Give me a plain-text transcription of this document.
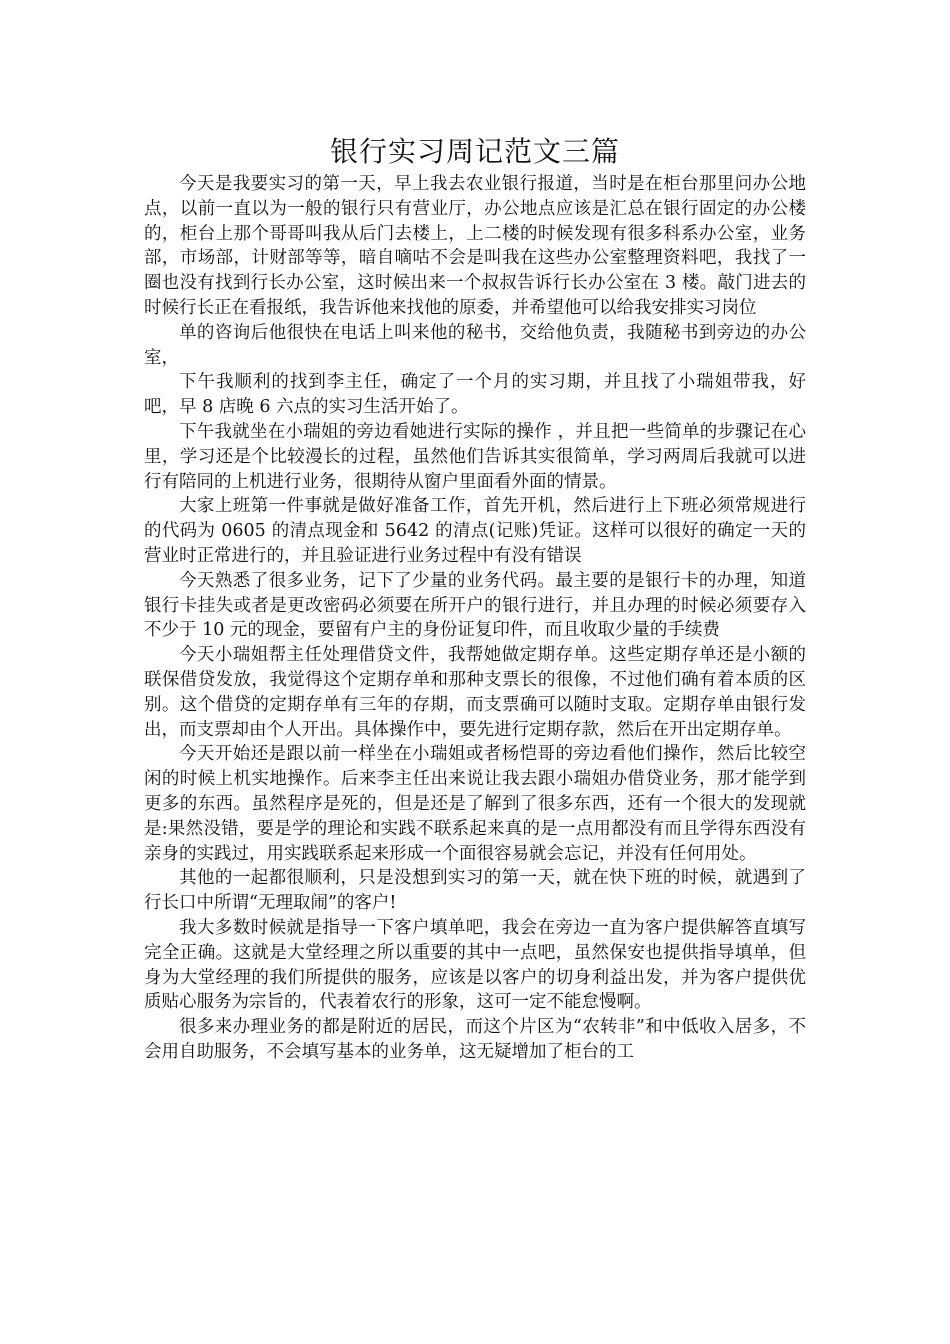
银行实习周记范文三篇

今天是我要实习的第一天，早上我去农业银行报道，当时是在柜台那里问办公地点，以前一直以为一般的银行只有营业厅，办公地点应该是汇总在银行固定的办公楼的，柜台上那个哥哥叫我从后门去楼上，上二楼的时候发现有很多科系办公室，业务部，市场部，计财部等等，暗自嘀咕不会是叫我在这些办公室整理资料吧，我找了一圈也没有找到行长办公室，这时候出来一个叔叔告诉行长办公室在 3 楼。敲门进去的时候行长正在看报纸，我告诉他来找他的原委，并希望他可以给我安排实习岗位

单的咨询后他很快在电话上叫来他的秘书，交给他负责，我随秘书到旁边的办公室，

下午我顺利的找到李主任，确定了一个月的实习期，并且找了小瑞姐带我，好吧，早 8 店晚 6 六点的实习生活开始了。

下午我就坐在小瑞姐的旁边看她进行实际的操作 ，并且把一些简单的步骤记在心里，学习还是个比较漫长的过程，虽然他们告诉其实很简单，学习两周后我就可以进行有陪同的上机进行业务，很期待从窗户里面看外面的情景。

大家上班第一件事就是做好准备工作，首先开机，然后进行上下班必须常规进行的代码为 0605 的清点现金和 5642 的清点(记账)凭证。这样可以很好的确定一天的营业时正常进行的，并且验证进行业务过程中有没有错误

今天熟悉了很多业务，记下了少量的业务代码。最主要的是银行卡的办理，知道银行卡挂失或者是更改密码必须要在所开户的银行进行，并且办理的时候必须要存入不少于 10 元的现金，要留有户主的身份证复印件，而且收取少量的手续费

今天小瑞姐帮主任处理借贷文件，我帮她做定期存单。这些定期存单还是小额的联保借贷发放，我觉得这个定期存单和那种支票长的很像，不过他们确有着本质的区别。这个借贷的定期存单有三年的存期，而支票确可以随时支取。定期存单由银行发出，而支票却由个人开出。具体操作中，要先进行定期存款，然后在开出定期存单。

今天开始还是跟以前一样坐在小瑞姐或者杨恺哥的旁边看他们操作，然后比较空闲的时候上机实地操作。后来李主任出来说让我去跟小瑞姐办借贷业务，那才能学到更多的东西。虽然程序是死的，但是还是了解到了很多东西，还有一个很大的发现就是:果然没错，要是学的理论和实践不联系起来真的是一点用都没有而且学得东西没有亲身的实践过，用实践联系起来形成一个面很容易就会忘记，并没有任何用处。

其他的一起都很顺利，只是没想到实习的第一天，就在快下班的时候，就遇到了行长口中所谓“无理取闹”的客户!

我大多数时候就是指导一下客户填单吧，我会在旁边一直为客户提供解答直填写完全正确。这就是大堂经理之所以重要的其中一点吧，虽然保安也提供指导填单，但身为大堂经理的我们所提供的服务，应该是以客户的切身利益出发，并为客户提供优质贴心服务为宗旨的，代表着农行的形象，这可一定不能怠慢啊。

很多来办理业务的都是附近的居民，而这个片区为“农转非”和中低收入居多，不会用自助服务，不会填写基本的业务单，这无疑增加了柜台的工
